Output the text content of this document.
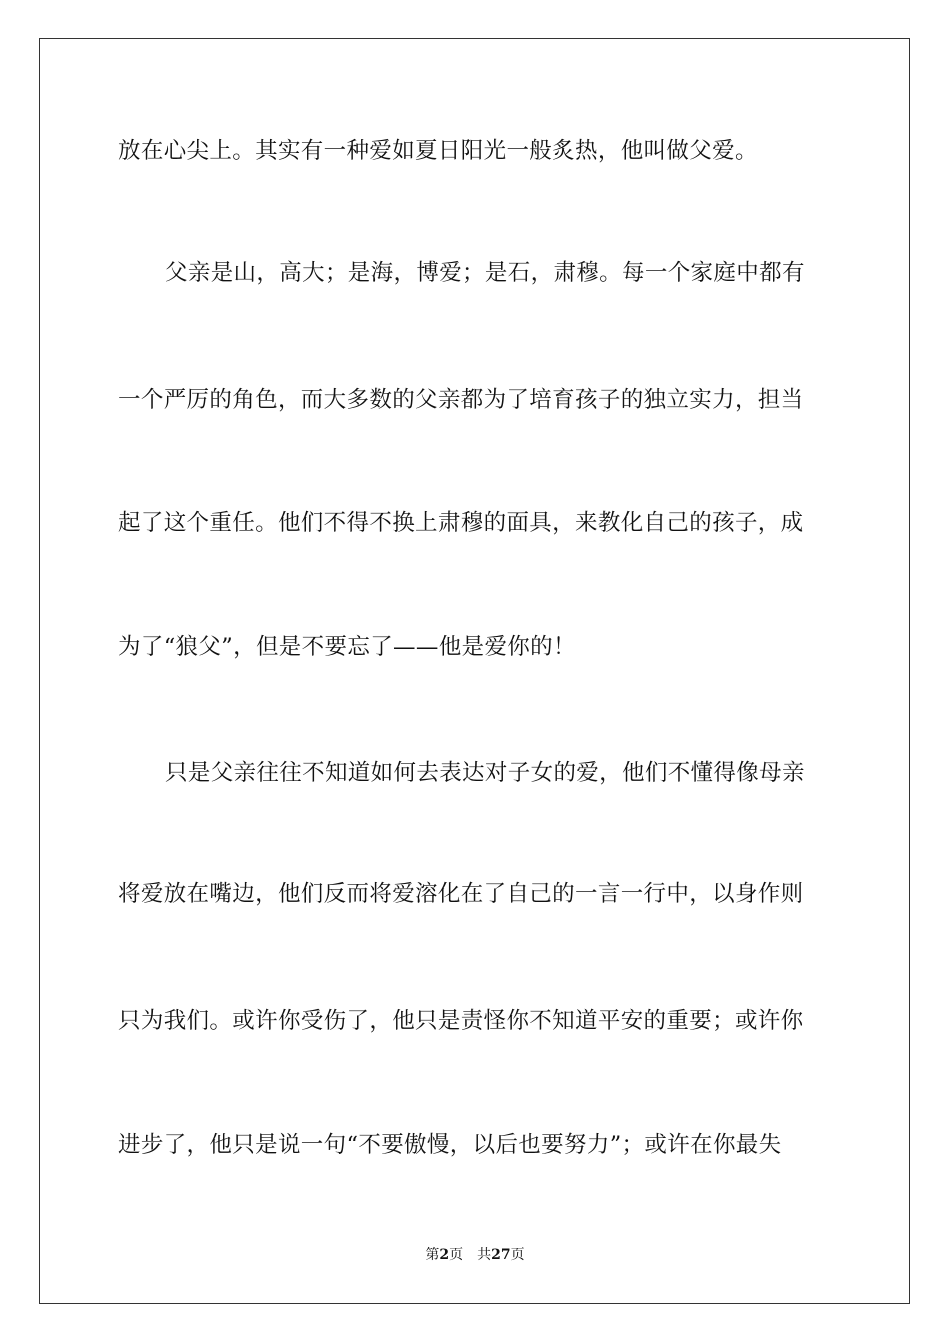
放在心尖上。其实有一种爱如夏日阳光一般炙热，他叫做父爱。
父亲是山，高大；是海，博爱；是石，肃穆。每一个家庭中都有
一个严厉的角色，而大多数的父亲都为了培育孩子的独立实力，担当
起了这个重任。他们不得不换上肃穆的面具，来教化自己的孩子，成
为了“狼父”，但是不要忘了——他是爱你的！
只是父亲往往不知道如何去表达对子女的爱，他们不懂得像母亲
将爱放在嘴边，他们反而将爱溶化在了自己的一言一行中，以身作则
只为我们。或许你受伤了，他只是责怪你不知道平安的重要；或许你
进步了，他只是说一句“不要傲慢，以后也要努力”；或许在你最失
第2页 共27页
